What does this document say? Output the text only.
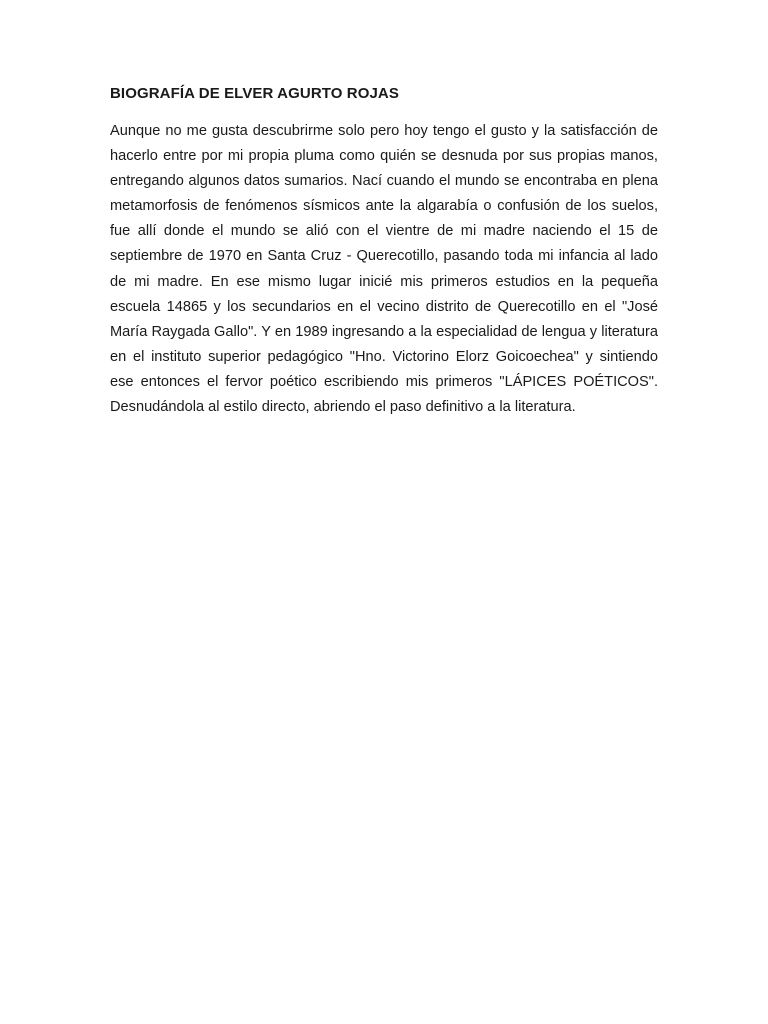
BIOGRAFÍA DE ELVER AGURTO ROJAS

Aunque no me gusta descubrirme solo pero hoy tengo el gusto y la satisfacción de hacerlo entre por mi propia pluma como quién se desnuda por sus propias manos, entregando algunos datos sumarios. Nací cuando el mundo se encontraba en plena metamorfosis de fenómenos sísmicos ante la algarabía o confusión de los suelos, fue allí donde el mundo se alió con el vientre de mi madre naciendo el 15 de septiembre de 1970 en Santa Cruz - Querecotillo, pasando toda mi infancia al lado de mi madre. En ese mismo lugar inicié mis primeros estudios en la pequeña escuela 14865 y los secundarios en el vecino distrito de Querecotillo en el "José María Raygada Gallo". Y en 1989 ingresando a la especialidad de lengua y literatura en el instituto superior pedagógico "Hno. Victorino Elorz Goicoechea" y sintiendo ese entonces el fervor poético escribiendo mis primeros "LÁPICES POÉTICOS". Desnudándola al estilo directo, abriendo el paso definitivo a la literatura.
